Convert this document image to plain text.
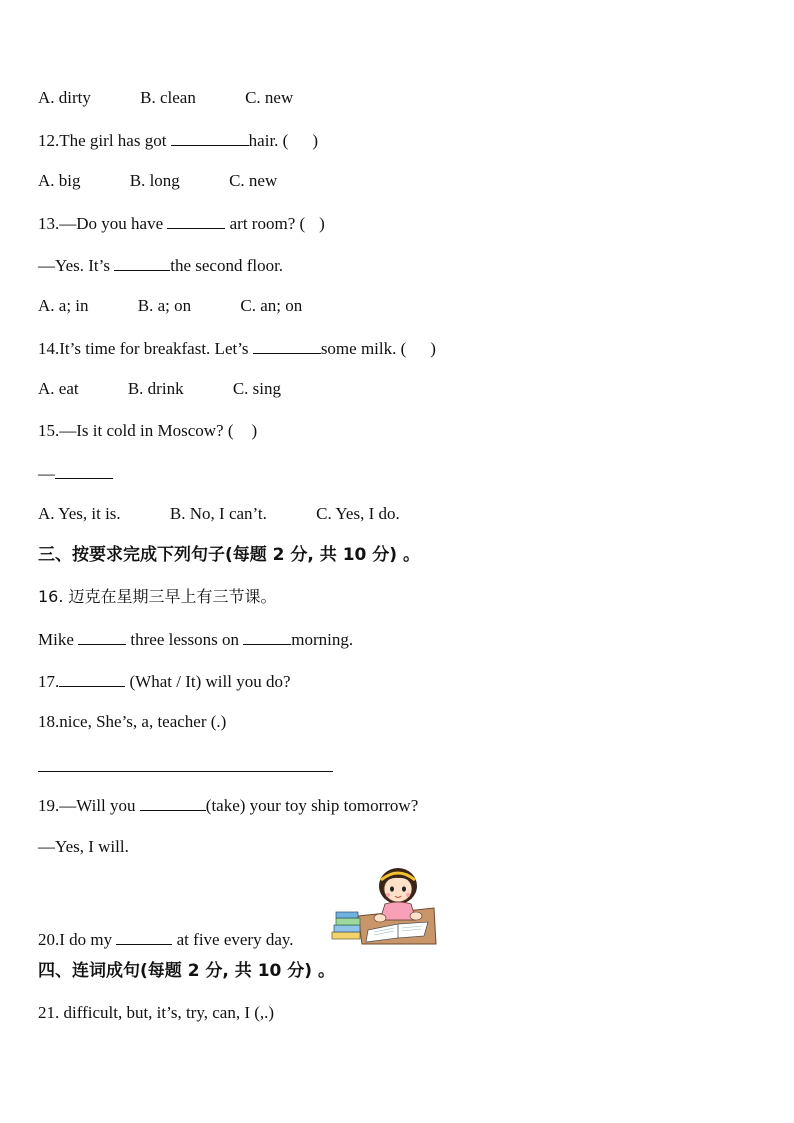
A. dirty	B. clean	C. new
12.The girl has got	hair. ( )
A. big	B. long	C. new
13.—Do you have	art room? ( )
—Yes. It’s	the second floor.
A. a; in	B. a; on	C. an; on
14.It’s time for breakfast. Let’s	some milk. ( )
A. eat	B. drink	C. sing
15.—Is it cold in Moscow? ( )
—
A. Yes, it is.	B. No, I can’t.	C. Yes, I do.
三、按要求完成下列句子(每题 2 分, 共 10 分) 。
16. 迈克在星期三早上有三节课。
Mike	three lessons on	morning.
17.	(What / It) will you do?
18.nice, She’s, a, teacher (.)
19.—Will you	(take) your toy ship tomorrow?
—Yes, I will.
20.I do my	at five every day.
四、连词成句(每题 2 分, 共 10 分) 。
21. difficult, but, it’s, try, can, I (,.)
